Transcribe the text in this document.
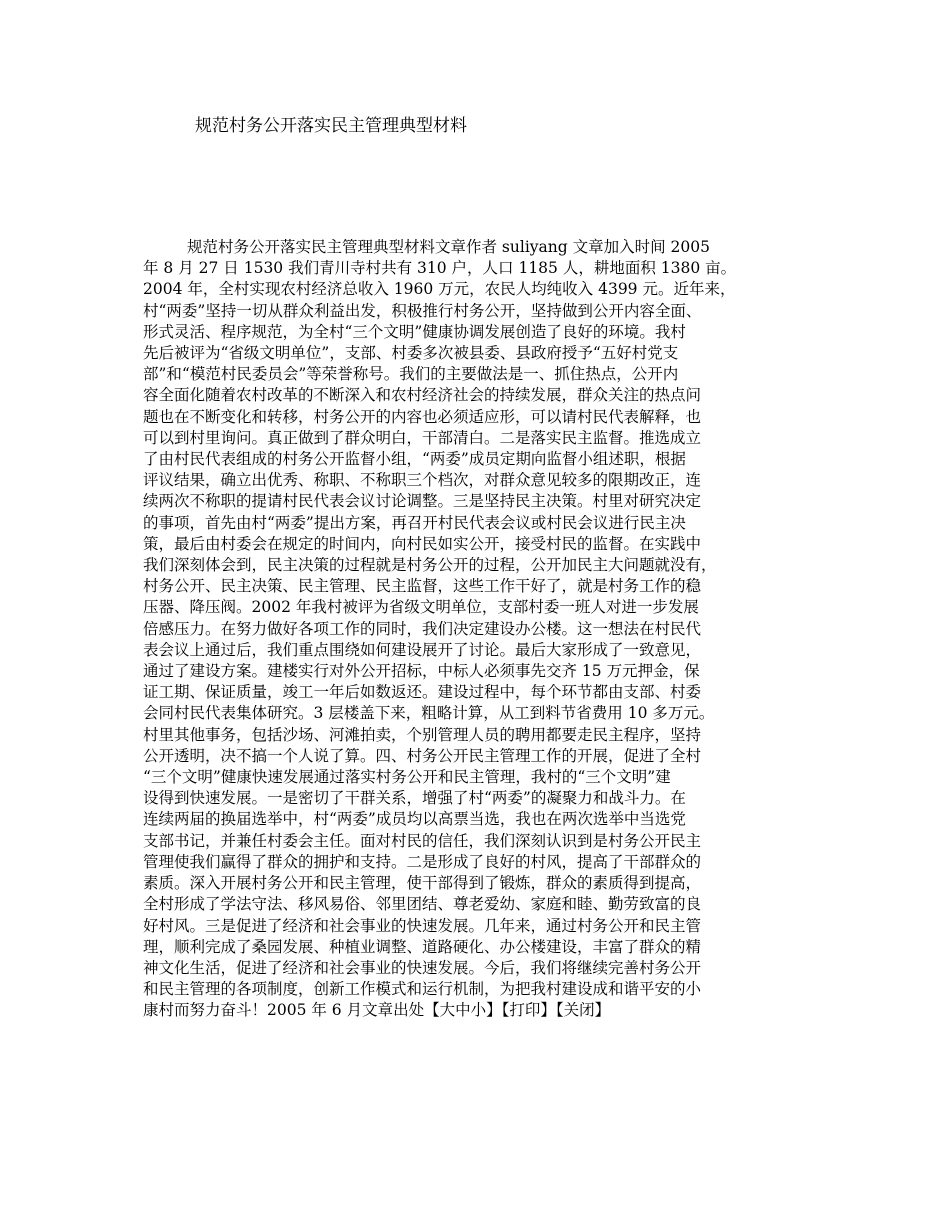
规范村务公开落实民主管理典型材料
规范村务公开落实民主管理典型材料文章作者 suliyang 文章加入时间 2005
年 8 月 27 日 1530 我们青川寺村共有 310 户，人口 1185 人，耕地面积 1380 亩。
2004 年，全村实现农村经济总收入 1960 万元，农民人均纯收入 4399 元。近年来，
村“两委”坚持一切从群众利益出发，积极推行村务公开，坚持做到公开内容全面、
形式灵活、程序规范，为全村“三个文明”健康协调发展创造了良好的环境。我村
先后被评为“省级文明单位”，支部、村委多次被县委、县政府授予“五好村党支
部”和“模范村民委员会”等荣誉称号。我们的主要做法是一、抓住热点，公开内
容全面化随着农村改革的不断深入和农村经济社会的持续发展，群众关注的热点问
题也在不断变化和转移，村务公开的内容也必须适应形，可以请村民代表解释，也
可以到村里询问。真正做到了群众明白，干部清白。二是落实民主监督。推选成立
了由村民代表组成的村务公开监督小组，“两委”成员定期向监督小组述职，根据
评议结果，确立出优秀、称职、不称职三个档次，对群众意见较多的限期改正，连
续两次不称职的提请村民代表会议讨论调整。三是坚持民主决策。村里对研究决定
的事项，首先由村“两委”提出方案，再召开村民代表会议或村民会议进行民主决
策，最后由村委会在规定的时间内，向村民如实公开，接受村民的监督。在实践中
我们深刻体会到，民主决策的过程就是村务公开的过程，公开加民主大问题就没有，
村务公开、民主决策、民主管理、民主监督，这些工作干好了，就是村务工作的稳
压器、降压阀。2002 年我村被评为省级文明单位，支部村委一班人对进一步发展
倍感压力。在努力做好各项工作的同时，我们决定建设办公楼。这一想法在村民代
表会议上通过后，我们重点围绕如何建设展开了讨论。最后大家形成了一致意见，
通过了建设方案。建楼实行对外公开招标，中标人必须事先交齐 15 万元押金，保
证工期、保证质量，竣工一年后如数返还。建设过程中，每个环节都由支部、村委
会同村民代表集体研究。3 层楼盖下来，粗略计算，从工到料节省费用 10 多万元。
村里其他事务，包括沙场、河滩拍卖，个别管理人员的聘用都要走民主程序，坚持
公开透明，决不搞一个人说了算。四、村务公开民主管理工作的开展，促进了全村
“三个文明”健康快速发展通过落实村务公开和民主管理，我村的“三个文明”建
设得到快速发展。一是密切了干群关系，增强了村“两委”的凝聚力和战斗力。在
连续两届的换届选举中，村“两委”成员均以高票当选，我也在两次选举中当选党
支部书记，并兼任村委会主任。面对村民的信任，我们深刻认识到是村务公开民主
管理使我们赢得了群众的拥护和支持。二是形成了良好的村风，提高了干部群众的
素质。深入开展村务公开和民主管理，使干部得到了锻炼，群众的素质得到提高，
全村形成了学法守法、移风易俗、邻里团结、尊老爱幼、家庭和睦、勤劳致富的良
好村风。三是促进了经济和社会事业的快速发展。几年来，通过村务公开和民主管
理，顺利完成了桑园发展、种植业调整、道路硬化、办公楼建设，丰富了群众的精
神文化生活，促进了经济和社会事业的快速发展。今后，我们将继续完善村务公开
和民主管理的各项制度，创新工作模式和运行机制，为把我村建设成和谐平安的小
康村而努力奋斗！2005 年 6 月文章出处【大中小】【打印】【关闭】
